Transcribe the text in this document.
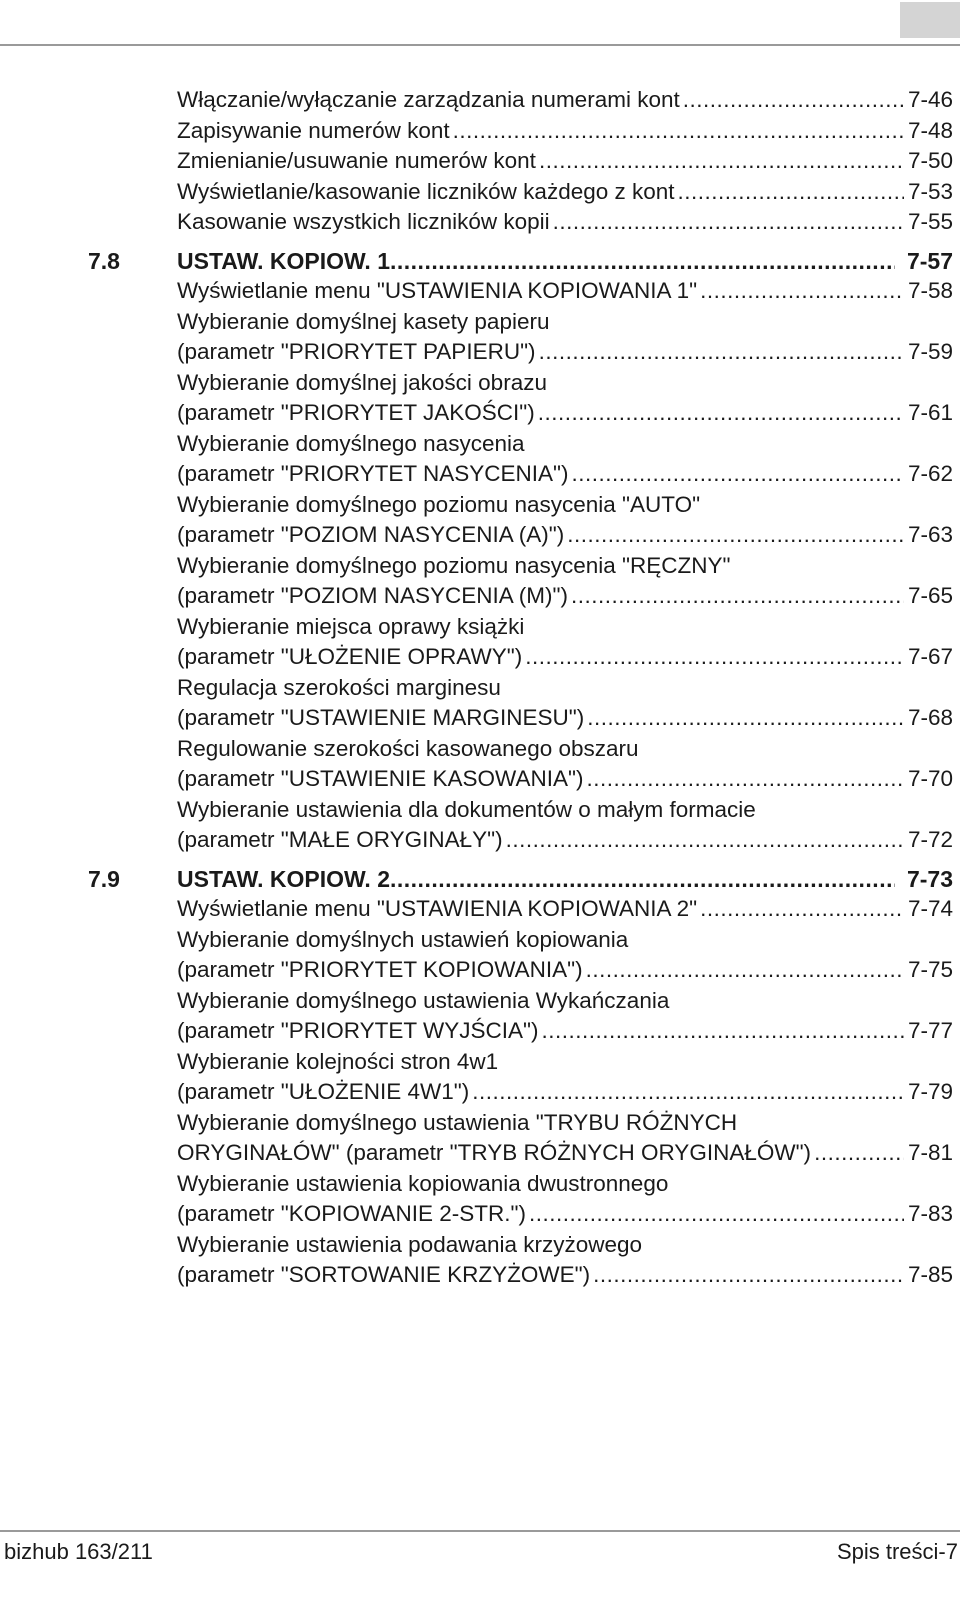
Włączanie/wyłączanie zarządzania numerami kont .....	7-46
Zapisywanie numerów kont .....	7-48
Zmienianie/usuwanie numerów kont .....	7-50
Wyświetlanie/kasowanie liczników każdego z kont .....	7-53
Kasowanie wszystkich liczników kopii .....	7-55
7.8	USTAW. KOPIOW. 1 .....	7-57
Wyświetlanie menu "USTAWIENIA KOPIOWANIA 1" .....	7-58
Wybieranie domyślnej kasety papieru
(parametr "PRIORYTET PAPIERU") .....	7-59
Wybieranie domyślnej jakości obrazu
(parametr "PRIORYTET JAKOŚCI") .....	7-61
Wybieranie domyślnego nasycenia
(parametr "PRIORYTET NASYCENIA") .....	7-62
Wybieranie domyślnego poziomu nasycenia "AUTO"
(parametr "POZIOM NASYCENIA (A)") .....	7-63
Wybieranie domyślnego poziomu nasycenia "RĘCZNY"
(parametr "POZIOM NASYCENIA (M)") .....	7-65
Wybieranie miejsca oprawy książki
(parametr "UŁOŻENIE OPRAWY") .....	7-67
Regulacja szerokości marginesu
(parametr "USTAWIENIE MARGINESU") .....	7-68
Regulowanie szerokości kasowanego obszaru
(parametr "USTAWIENIE KASOWANIA") .....	7-70
Wybieranie ustawienia dla dokumentów o małym formacie
(parametr "MAŁE ORYGINAŁY") .....	7-72
7.9	USTAW. KOPIOW. 2 .....	7-73
Wyświetlanie menu "USTAWIENIA KOPIOWANIA 2" .....	7-74
Wybieranie domyślnych ustawień kopiowania
(parametr "PRIORYTET KOPIOWANIA") .....	7-75
Wybieranie domyślnego ustawienia Wykańczania
(parametr "PRIORYTET WYJŚCIA") .....	7-77
Wybieranie kolejności stron 4w1
(parametr "UŁOŻENIE 4W1") .....	7-79
Wybieranie domyślnego ustawienia "TRYBU RÓŻNYCH
ORYGINAŁÓW" (parametr "TRYB RÓŻNYCH ORYGINAŁÓW") .....	7-81
Wybieranie ustawienia kopiowania dwustronnego
(parametr "KOPIOWANIE 2-STR.") .....	7-83
Wybieranie ustawienia podawania krzyżowego
(parametr "SORTOWANIE KRZYŻOWE") .....	7-85
bizhub 163/211	Spis treści-7
